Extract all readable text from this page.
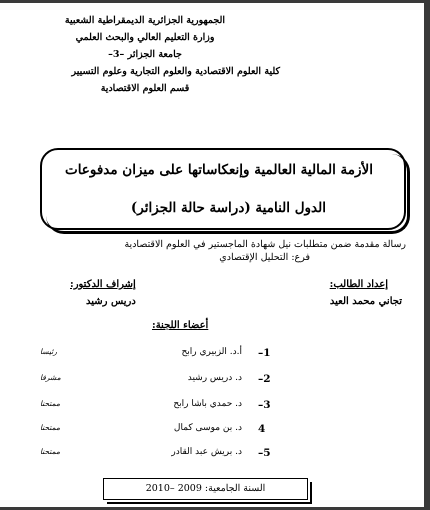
الجمهورية الجزائرية الديمقراطية الشعبية
وزارة التعليم العالي والبحث العلمي
جامعة الجزائر –3–
كلية العلوم الاقتصادية والعلوم التجارية وعلوم التسيير
قسم العلوم الاقتصادية
الأزمة المالية العالمية وإنعكاساتها على ميزان مدفوعات
الدول النامية (دراسة حالة الجزائر)
رسالة مقدمة ضمن متطلبات نيل شهادة الماجستير في العلوم الاقتصادية
فرع: التحليل الإقتصادي
إعداد الطالب:
تجاني محمد العيد
إشراف الدكتور:
دريس رشيد
أعضاء اللجنة:
–1
أ.د. الزبيري رابح
رئيسا
–2
د. دريس رشيد
مشرفا
–3
د. حمدي باشا رابح
ممتحنا
4
د. بن موسى كمال
ممتحنا
–5
د. بريش عبد القادر
ممتحنا
السنة الجامعية: 2009 –2010
